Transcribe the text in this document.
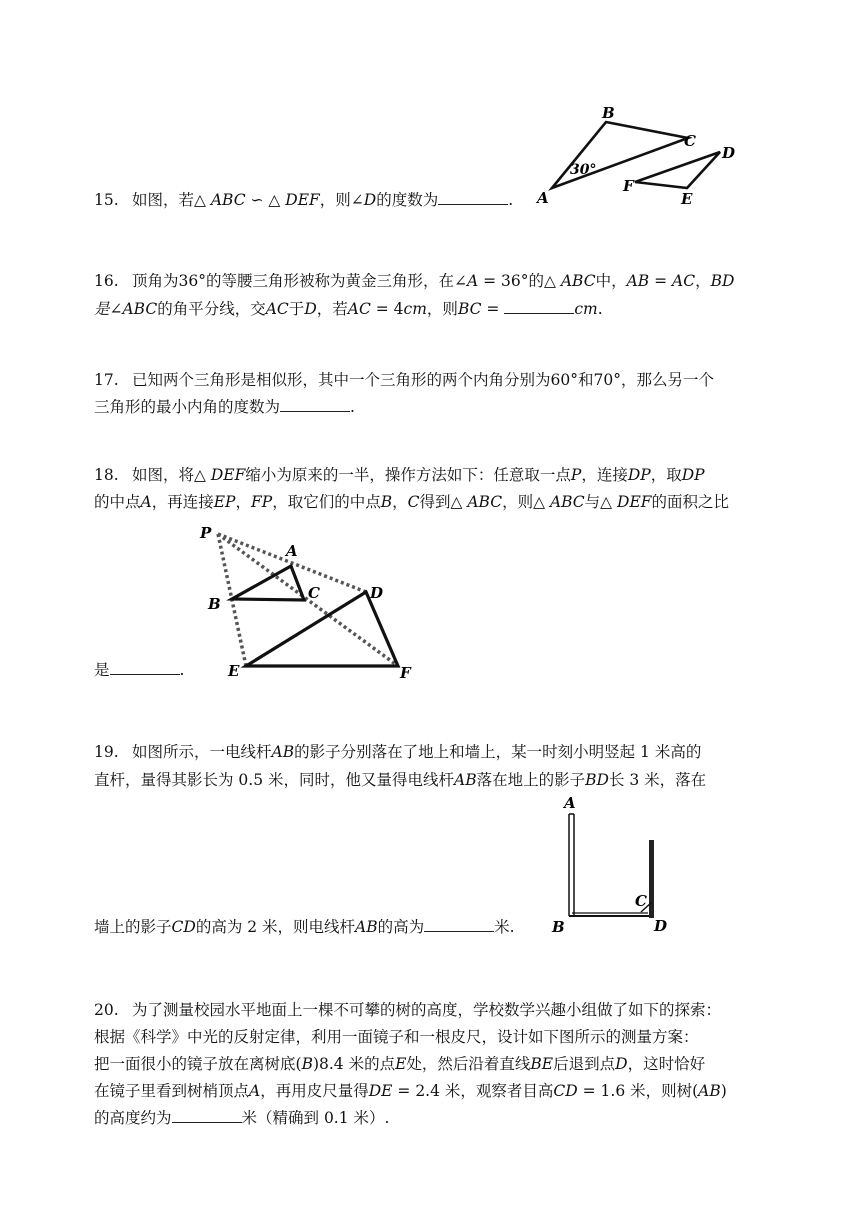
15. 如图，若△ ABC ∽ △ DEF，则∠D的度数为	.
30°
B
C
A
D
F
E
16. 顶角为36°的等腰三角形被称为黄金三角形，在∠A = 36°的△ ABC中，AB = AC，BD
是∠ABC的角平分线，交AC于D，若AC = 4cm，则BC =	cm.
17. 已知两个三角形是相似形，其中一个三角形的两个内角分别为60°和70°，那么另一个
三角形的最小内角的度数为	.
18. 如图，将△ DEF缩小为原来的一半，操作方法如下：任意取一点P，连接DP，取DP
的中点A，再连接EP，FP，取它们的中点B，C得到△ ABC，则△ ABC与△ DEF的面积之比
P
A
B
C	D
E	F
是	.
19. 如图所示，一电线杆AB的影子分别落在了地上和墙上，某一时刻小明竖起 1 米高的
直杆，量得其影长为 0.5 米，同时，他又量得电线杆AB落在地上的影子BD长 3 米，落在
A
B
C
D
墙上的影子CD的高为 2 米，则电线杆AB的高为	米.
20. 为了测量校园水平地面上一棵不可攀的树的高度，学校数学兴趣小组做了如下的探索：
根据《科学》中光的反射定律，利用一面镜子和一根皮尺，设计如下图所示的测量方案：
把一面很小的镜子放在离树底(B)8.4 米的点E处，然后沿着直线BE后退到点D，这时恰好
在镜子里看到树梢顶点A，再用皮尺量得DE = 2.4 米，观察者目高CD = 1.6 米，则树(AB)
的高度约为	米（精确到 0.1 米）.
